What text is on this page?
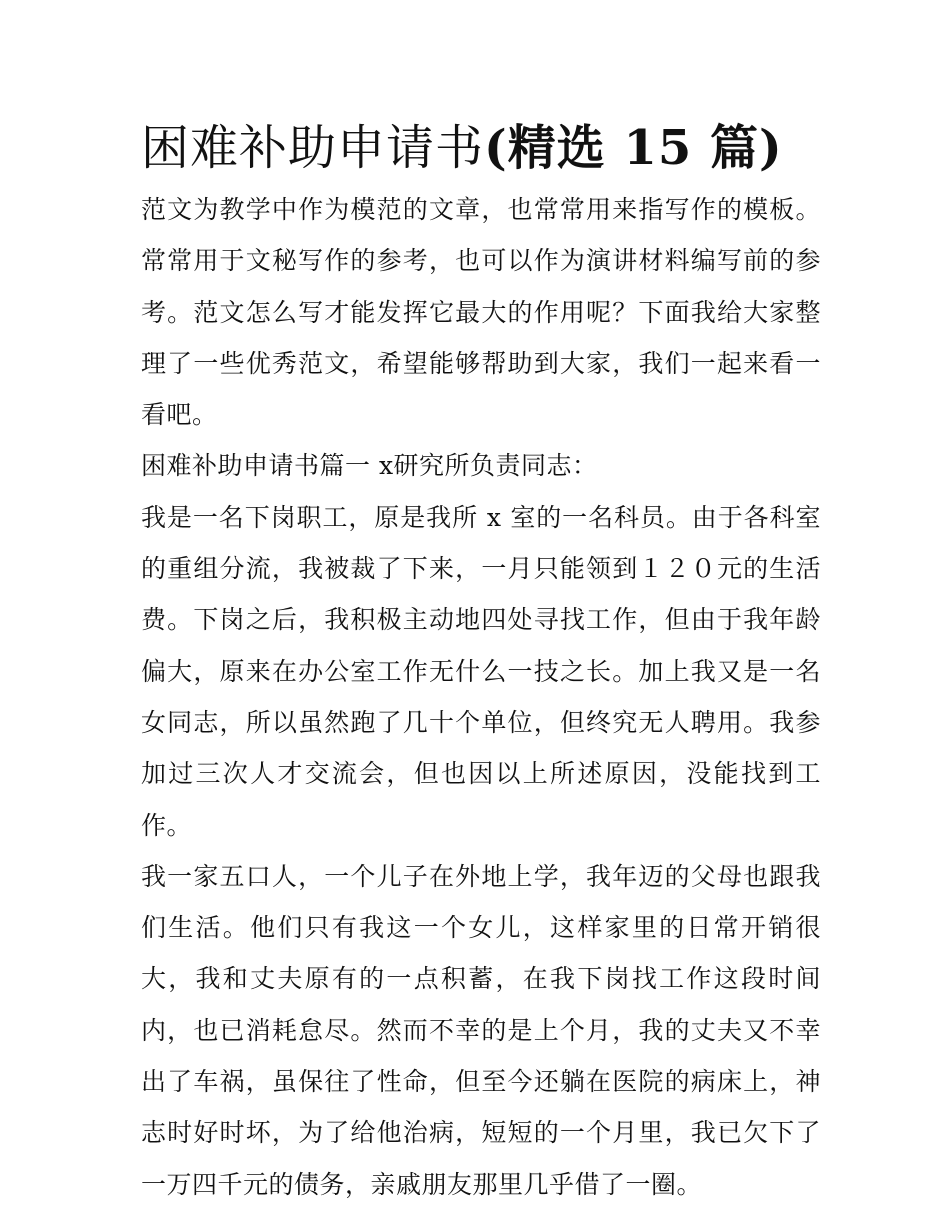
困难补助申请书(精选 15 篇)

范文为教学中作为模范的文章，也常常用来指写作的模板。常常用于文秘写作的参考，也可以作为演讲材料编写前的参考。范文怎么写才能发挥它最大的作用呢？下面我给大家整理了一些优秀范文，希望能够帮助到大家，我们一起来看一看吧。

困难补助申请书篇一 x研究所负责同志：

我是一名下岗职工，原是我所 x 室的一名科员。由于各科室的重组分流，我被裁了下来，一月只能领到１２０元的生活费。下岗之后，我积极主动地四处寻找工作，但由于我年龄偏大，原来在办公室工作无什么一技之长。加上我又是一名女同志，所以虽然跑了几十个单位，但终究无人聘用。我参加过三次人才交流会，但也因以上所述原因，没能找到工作。

我一家五口人，一个儿子在外地上学，我年迈的父母也跟我们生活。他们只有我这一个女儿，这样家里的日常开销很大，我和丈夫原有的一点积蓄，在我下岗找工作这段时间内，也已消耗怠尽。然而不幸的是上个月，我的丈夫又不幸出了车祸，虽保往了性命，但至今还躺在医院的病床上，神志时好时坏，为了给他治病，短短的一个月里，我已欠下了一万四千元的债务，亲戚朋友那里几乎借了一圈。
